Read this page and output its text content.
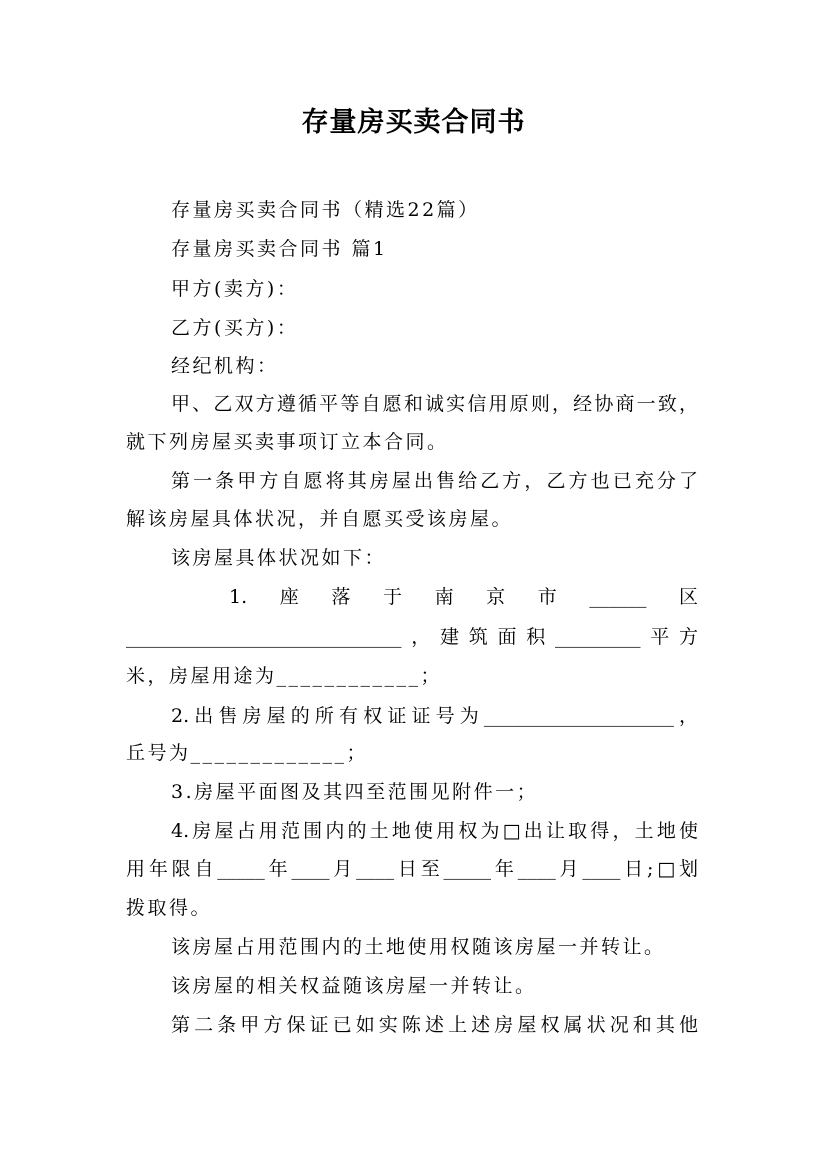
存量房买卖合同书
存量房买卖合同书（精选22篇）
存量房买卖合同书 篇1
甲方(卖方)：
乙方(买方)：
经纪机构：
甲、乙双方遵循平等自愿和诚实信用原则，经协商一致，
就下列房屋买卖事项订立本合同。
第一条甲方自愿将其房屋出售给乙方，乙方也已充分了
解该房屋具体状况，并自愿买受该房屋。
该房屋具体状况如下：
1. 座 落 于 南 京 市 ______ 区
_____________________________，建筑面积_________平方
米，房屋用途为____________；
2.出售房屋的所有权证证号为____________________，
丘号为_____________；
3.房屋平面图及其四至范围见附件一；
4.房屋占用范围内的土地使用权为□出让取得，土地使
用年限自_____年____月____日至_____年____月____日;□划
拨取得。
该房屋占用范围内的土地使用权随该房屋一并转让。
该房屋的相关权益随该房屋一并转让。
第二条甲方保证已如实陈述上述房屋权属状况和其他
